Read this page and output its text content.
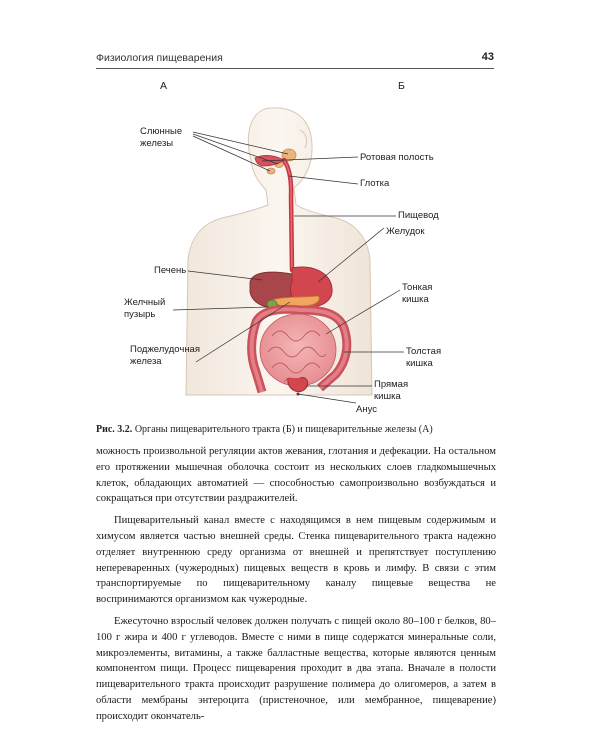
Физиология пищеварения	43
А	Б
Слюнные
железы
Ротовая полость
Глотка
Пищевод
Желудок
Печень
Желчный
пузырь
Тонкая
кишка
Поджелудочная
железа
Толстая
кишка
Прямая
кишка
Анус
Рис. 3.2. Органы пищеварительного тракта (Б) и пищеварительные железы (А)

можность произвольной регуляции актов жевания, глотания и дефекации. На остальном его протяжении мышечная оболочка состоит из нескольких слоев гладкомышечных клеток, обладающих автоматией — способностью самопроизвольно возбуждаться и сокращаться при отсутствии раздражителей.

Пищеварительный канал вместе с находящимся в нем пищевым содержимым и химусом является частью внешней среды. Стенка пищеварительного тракта надежно отделяет внутреннюю среду организма от внешней и препятствует поступлению непереваренных (чужеродных) пищевых веществ в кровь и лимфу. В связи с этим транспортируемые по пищеварительному каналу пищевые вещества не воспринимаются организмом как чужеродные.

Ежесуточно взрослый человек должен получать с пищей около 80–100 г белков, 80–100 г жира и 400 г углеводов. Вместе с ними в пище содержатся минеральные соли, микроэлементы, витамины, а также балластные вещества, которые являются ценным компонентом пищи. Процесс пищеварения проходит в два этапа. Вначале в полости пищеварительного тракта происходит разрушение полимера до олигомеров, а затем в области мембраны энтероцита (пристеночное, или мембранное, пищеварение) происходит окончатель-
